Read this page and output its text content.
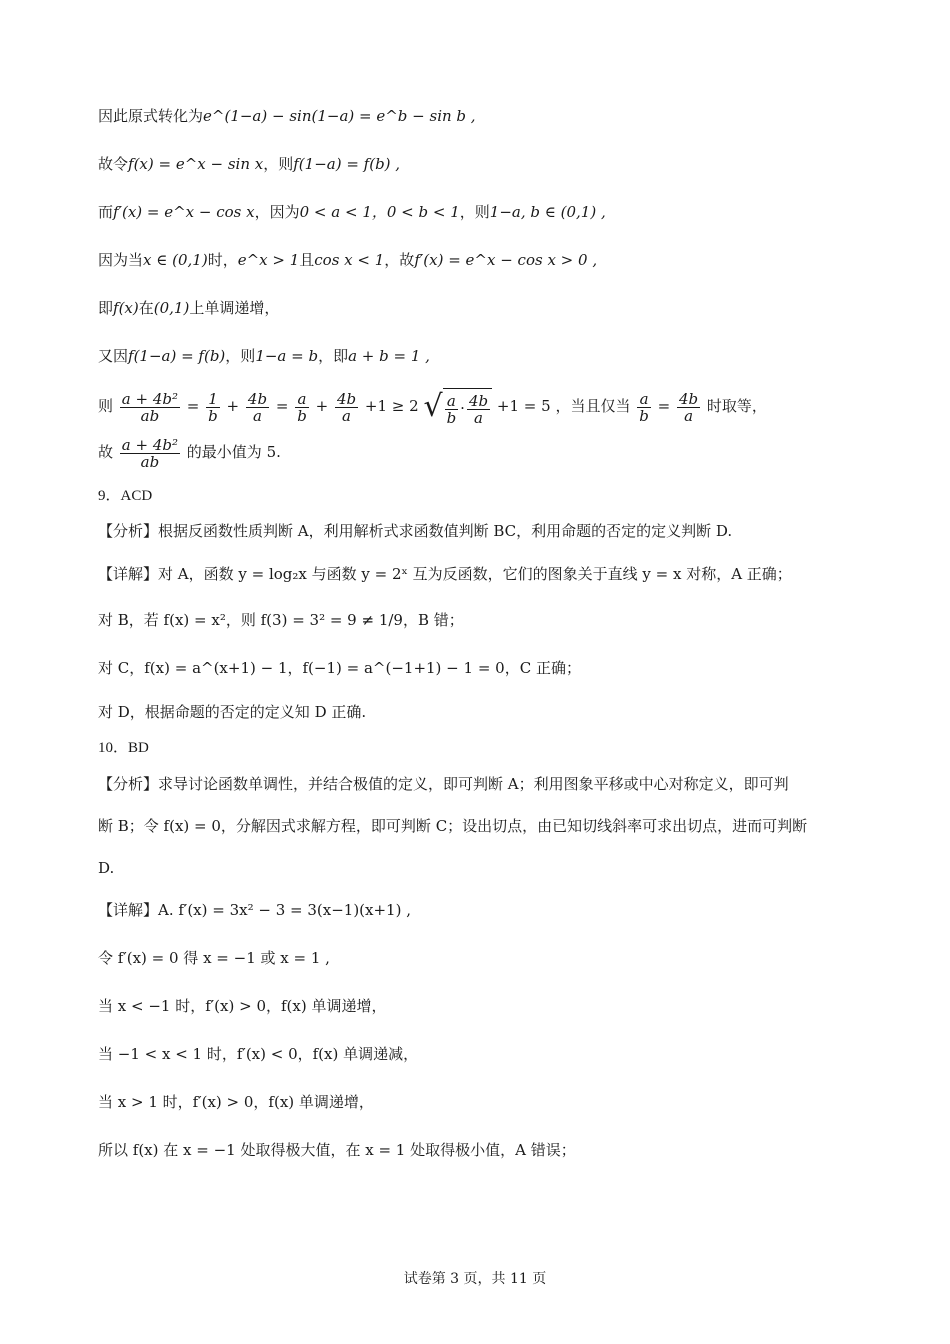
因此原式转化为e^(1−a) − sin(1−a) = e^b − sin b ,
故令f(x) = e^x − sin x，则f(1−a) = f(b) ,
而f′(x) = e^x − cos x，因为0 < a < 1，0 < b < 1，则1−a, b ∈ (0,1) ,
因为当x ∈ (0,1)时，e^x > 1且cos x < 1，故f′(x) = e^x − cos x > 0 ,
即f(x)在(0,1)上单调递增，
又因f(1−a) = f(b)，则1−a = b，即a + b = 1 ,
则 $\frac{\text{a + 4b²}}{ab} = \frac{1}{b} + \frac{4b}{a} = \frac{a}{b} + \frac{4b}{a} +1 \ge 2$ √ $\frac{a}{b} \cdot \frac{4b}{a} +1 = 5$ ，当且仅当 $\frac{a}{b} = \frac{4b}{a}$ 时取等，
故 $\frac{\text{a + 4b²}}{ab}$ 的最小值为 5.
9．ACD
【分析】根据反函数性质判断 A，利用解析式求函数值判断 BC，利用命题的否定的定义判断 D.
【详解】对 A，函数 y = log₂x 与函数 y = 2ˣ 互为反函数，它们的图象关于直线 y = x 对称，A 正确；
对 B，若 f(x) = x²，则 f(3) = 3² = 9 ≠ 1/9，B 错；
对 C，f(x) = a^(x+1) − 1，f(−1) = a^(−1+1) − 1 = 0，C 正确；
对 D，根据命题的否定的定义知 D 正确.
10．BD
【分析】求导讨论函数单调性，并结合极值的定义，即可判断 A；利用图象平移或中心对称定义，即可判
断 B；令 f(x) = 0，分解因式求解方程，即可判断 C；设出切点，由已知切线斜率可求出切点，进而可判断
D.
【详解】A. f′(x) = 3x² − 3 = 3(x−1)(x+1) ,
令 f′(x) = 0 得 x = −1 或 x = 1 ,
当 x < −1 时，f′(x) > 0，f(x) 单调递增，
当 −1 < x < 1 时，f′(x) < 0，f(x) 单调递减，
当 x > 1 时，f′(x) > 0，f(x) 单调递增，
所以 f(x) 在 x = −1 处取得极大值，在 x = 1 处取得极小值，A 错误；
试卷第 3 页，共 11 页
